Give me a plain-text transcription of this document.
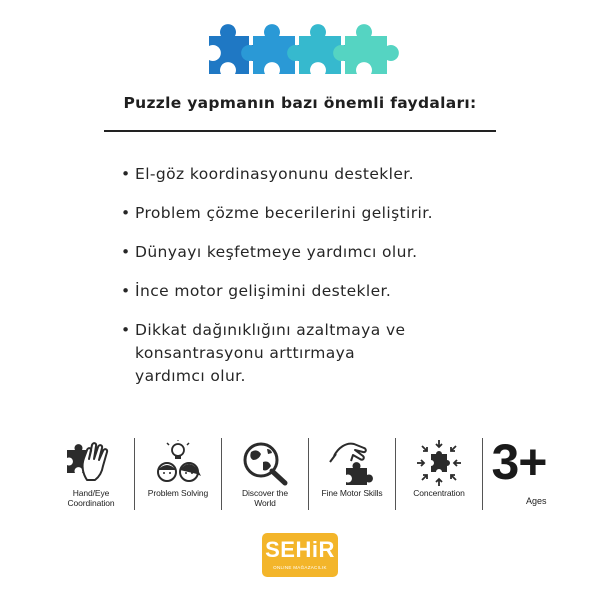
Puzzle yapmanın bazı önemli faydaları:
• El-göz koordinasyonunu destekler.
• Problem çözme becerilerini geliştirir.
• Dünyayı keşfetmeye yardımcı olur.
• İnce motor gelişimini destekler.
• Dikkat dağınıklığını azaltmaya ve
konsantrasyonu arttırmaya
yardımcı olur.
Hand/Eye
Coordination
Problem Solving	Discover the
World
Fine Motor Skills	Concentration
3+
Ages
SEHiR
ONLINE MAĞAZACILIK
